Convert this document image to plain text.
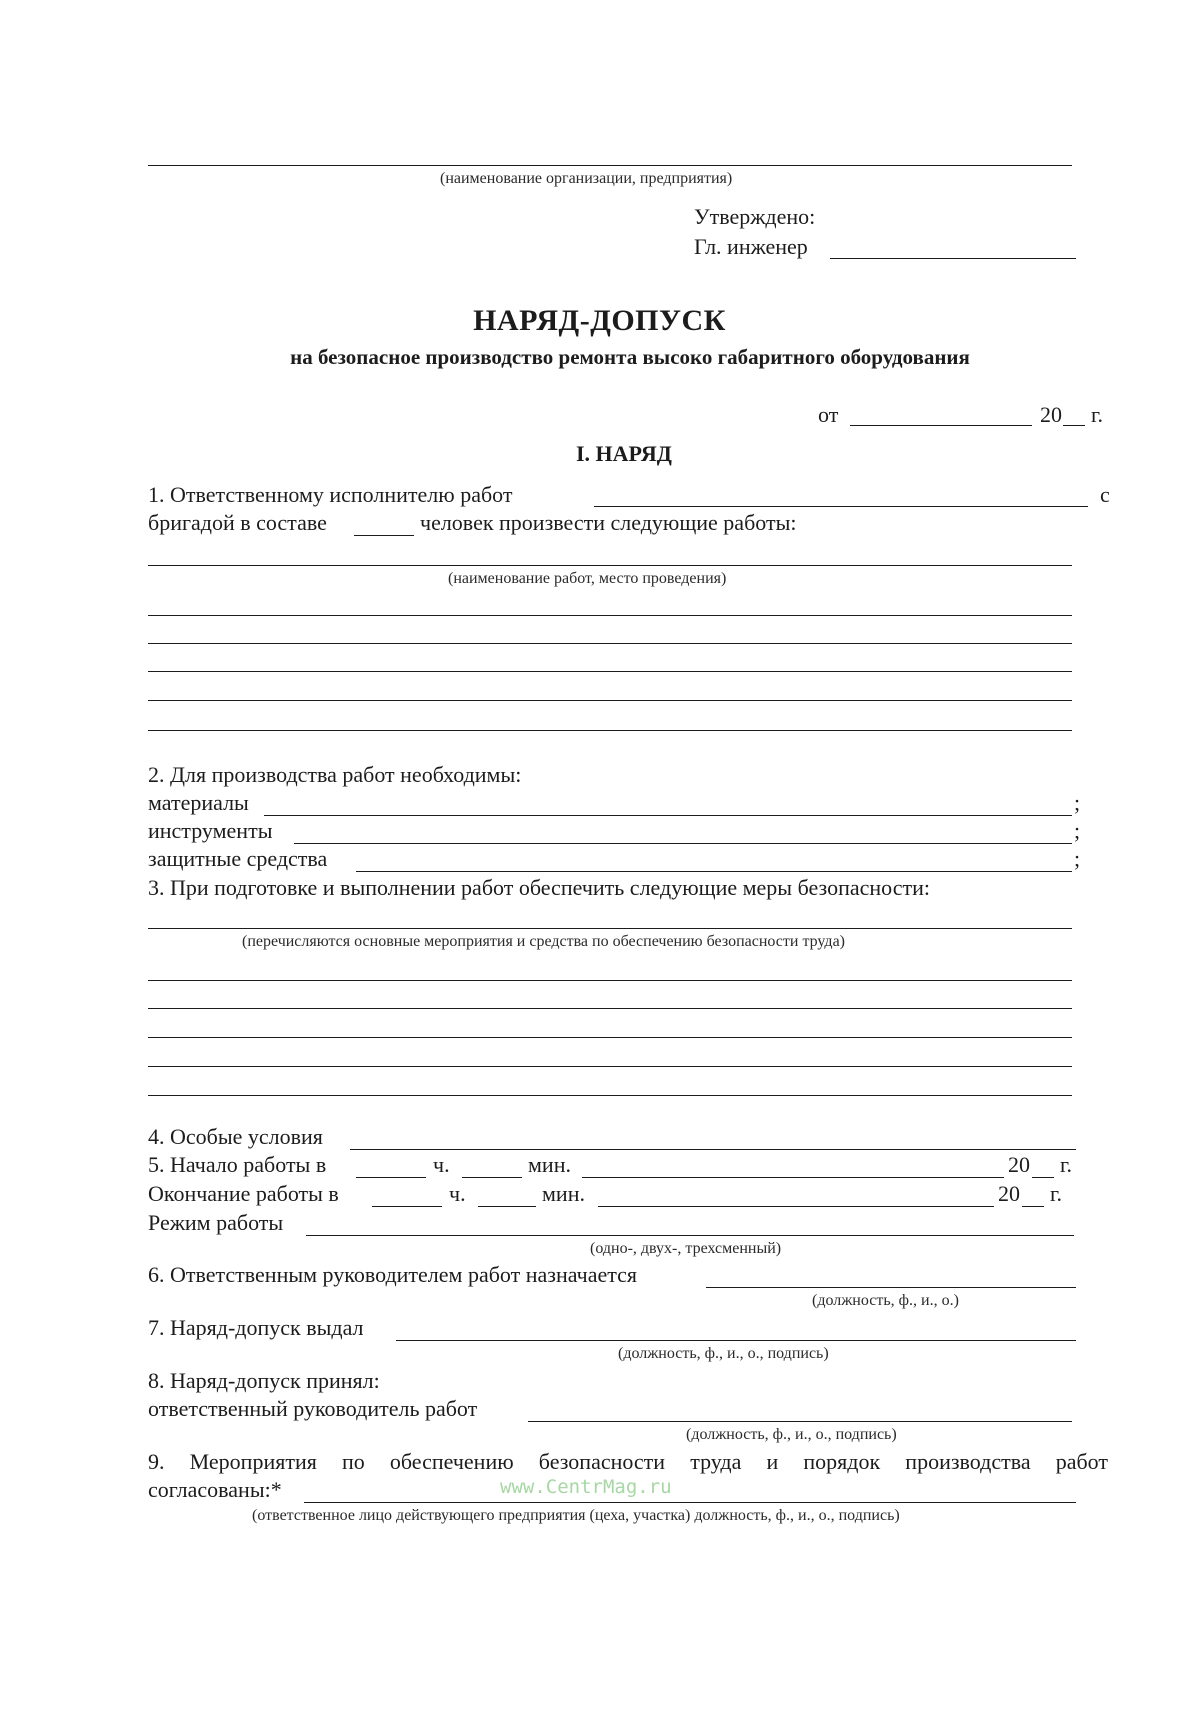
(наименование организации, предприятия)
Утверждено:
Гл. инженер
НАРЯД-ДОПУСК
на безопасное производство ремонта высоко габаритного оборудования
от	20 г.
I. НАРЯД
1. Ответственному исполнителю работ	с
бригадой в составе	человек произвести следующие работы:
(наименование работ, место проведения)
2. Для производства работ необходимы:
материалы	;
инструменты	;
защитные средства	;
3. При подготовке и выполнении работ обеспечить следующие меры безопасности:
(перечисляются основные мероприятия и средства по обеспечению безопасности труда)
4. Особые условия
5. Начало работы в	ч.	мин.	20 г.
Окончание работы в	ч.	мин.	20 г.
Режим работы
(одно-, двух-, трехсменный)
6. Ответственным руководителем работ назначается
(должность, ф., и., о.)
7. Наряд-допуск выдал
(должность, ф., и., о., подпись)
8. Наряд-допуск принял:
ответственный руководитель работ
(должность, ф., и., о., подпись)
9. Мероприятия по обеспечению безопасности труда и порядок производства работ
согласованы:*	www.CentrMag.ru
(ответственное лицо действующего предприятия (цеха, участка) должность, ф., и., о., подпись)
